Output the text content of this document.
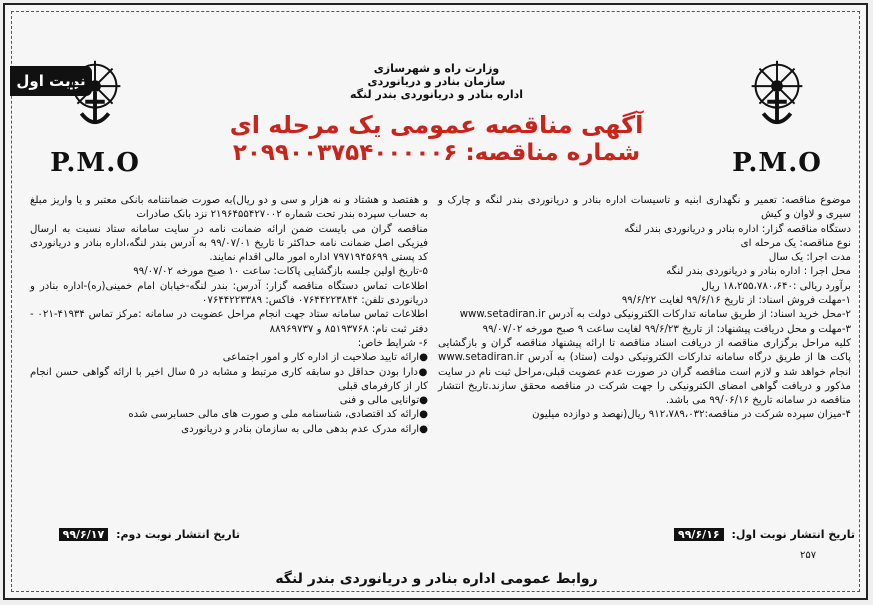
نوبت اول
P.M.O	P.M.O
وزارت راه و شهرسازی
سازمان بنادر و دریانوردی
اداره بنادر و دریانوردی بندر لنگه
آگهی مناقصه عمومی یک مرحله ای
شماره مناقصه: ۲۰۹۹۰۰۳۷۵۴۰۰۰۰۰۶

موضوع مناقصه: تعمیر و نگهداری ابنیه و تاسیسات اداره بنادر و دریانوردی بندر لنگه و چارک و سیری و لاوان و کیش

دستگاه مناقصه گزار: اداره بنادر و دریانوردی بندر لنگه

نوع مناقصه: یک مرحله ای

مدت اجرا: یک سال

محل اجرا : اداره بنادر و دریانوردی بندر لنگه

برآورد ریالی :۱۸،۲۵۵،۷۸۰،۶۴۰ ریال

۱-مهلت فروش اسناد: از تاریخ ۹۹/۶/۱۶ لغایت ۹۹/۶/۲۲

۲-محل خرید اسناد: از طریق سامانه تدارکات الکترونیکی دولت به آدرس www.setadiran.ir

۳-مهلت و محل دریافت پیشنهاد: از تاریخ ۹۹/۶/۲۳ لغایت ساعت ۹ صبح مورخه ۹۹/۰۷/۰۲

کلیه مراحل برگزاری مناقصه از دریافت اسناد مناقصه تا ارائه پیشنهاد مناقصه گران و بازگشایی پاکت ها از طریق درگاه سامانه تدارکات الکترونیکی دولت (ستاد) به آدرس www.setadiran.ir انجام خواهد شد و لازم است مناقصه گران در صورت عدم عضویت قبلی،مراحل ثبت نام در سایت مذکور و دریافت گواهی امضای الکترونیکی را جهت شرکت در مناقصه محقق سازند.تاریخ انتشار مناقصه در سامانه تاریخ ۹۹/۰۶/۱۶ می باشد.

۴-میزان سپرده شرکت در مناقصه:۹۱۲،۷۸۹،۰۳۲ ریال(نهصد و دوازده میلیون

و هفتصد و هشتاد و نه هزار و سی و دو ریال)به صورت ضمانتنامه بانکی معتبر و یا واریز مبلغ به حساب سپرده بندر تحت شماره ۲۱۹۶۴۵۵۴۲۷۰۰۲ نزد بانک صادرات

مناقصه گران می بایست ضمن ارائه ضمانت نامه در سایت سامانه ستاد نسبت به ارسال فیزیکی اصل ضمانت نامه حداکثر تا تاریخ ۹۹/۰۷/۰۱ به آدرس بندر لنگه،اداره بنادر و دریانوردی کد پستی ۷۹۷۱۹۴۵۶۹۹ اداره امور مالی اقدام نمایند.

۵-تاریخ اولین جلسه بازگشایی پاکات: ساعت ۱۰ صبح مورخه ۹۹/۰۷/۰۲

اطلاعات تماس دستگاه مناقصه گزار: آدرس: بندر لنگه-خیابان امام خمینی(ره)-اداره بنادر و دریانوردی تلفن: ۰۷۶۴۴۲۲۳۸۴۴ فاکس: ۰۷۶۴۴۲۲۳۳۸۹

اطلاعات تماس سامانه ستاد جهت انجام مراحل عضویت در سامانه :مرکز تماس ۴۱۹۳۴-۰۲۱ - دفتر ثبت نام: ۸۵۱۹۳۷۶۸ و ۸۸۹۶۹۷۳۷

۶- شرایط خاص:

●ارائه تایید صلاحیت از اداره کار و امور اجتماعی

●دارا بودن حداقل دو سابقه کاری مرتبط و مشابه در ۵ سال اخیر با ارائه گواهی حسن انجام کار از کارفرمای قبلی

●توانایی مالی و فنی

●ارائه کد اقتصادی، شناسنامه ملی و صورت های مالی حسابرسی شده

●ارائه مدرک عدم بدهی مالی به سازمان بنادر و دریانوردی

تاریخ انتشار نوبت اول: ۹۹/۶/۱۶
تاریخ انتشار نوبت دوم: ۹۹/۶/۱۷
۲۵۷
روابط عمومی اداره بنادر و دریانوردی بندر لنگه
